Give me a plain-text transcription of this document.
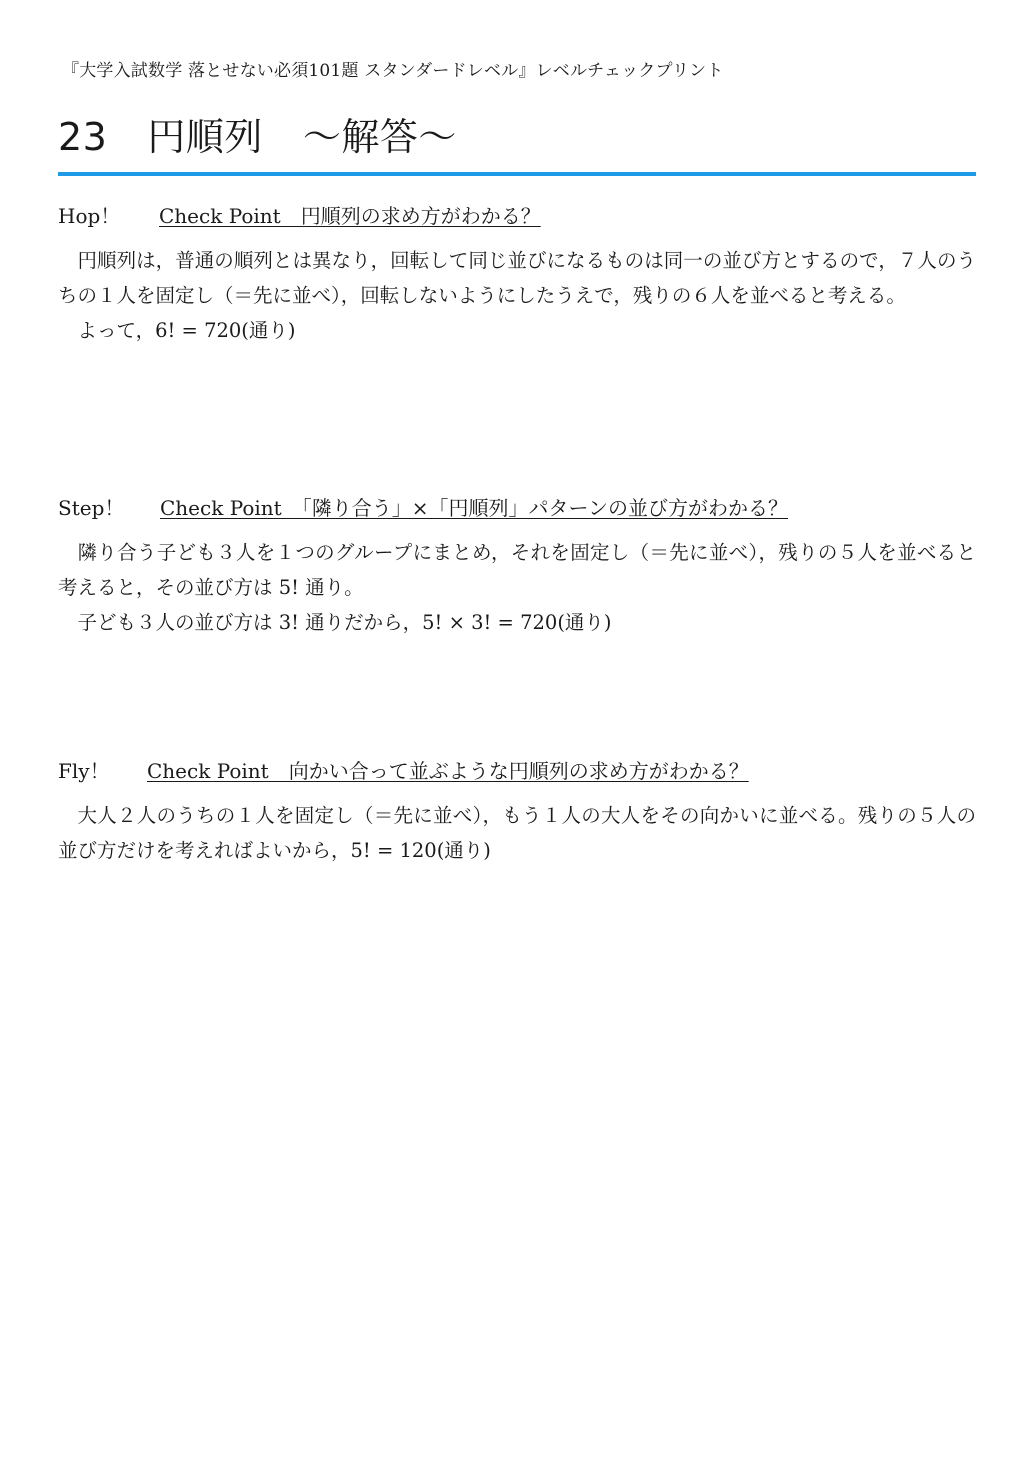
『大学入試数学 落とせない必須101題 スタンダードレベル』レベルチェックプリント
23 円順列 ～解答～
Hop！ Check Point　円順列の求め方がわかる？

円順列は，普通の順列とは異なり，回転して同じ並びになるものは同一の並び方とするので，７人のうちの１人を固定し（＝先に並べ），回転しないようにしたうえで，残りの６人を並べると考える。

よって，6! = 720(通り)

Step！ Check Point　「隣り合う」×「円順列」パターンの並び方がわかる？

隣り合う子ども３人を１つのグループにまとめ，それを固定し（＝先に並べ），残りの５人を並べると考えると，その並び方は 5! 通り。

子ども３人の並び方は 3! 通りだから，5! × 3! = 720(通り)

Fly！ Check Point　向かい合って並ぶような円順列の求め方がわかる？

大人２人のうちの１人を固定し（＝先に並べ），もう１人の大人をその向かいに並べる。残りの５人の並び方だけを考えればよいから，5! = 120(通り)
